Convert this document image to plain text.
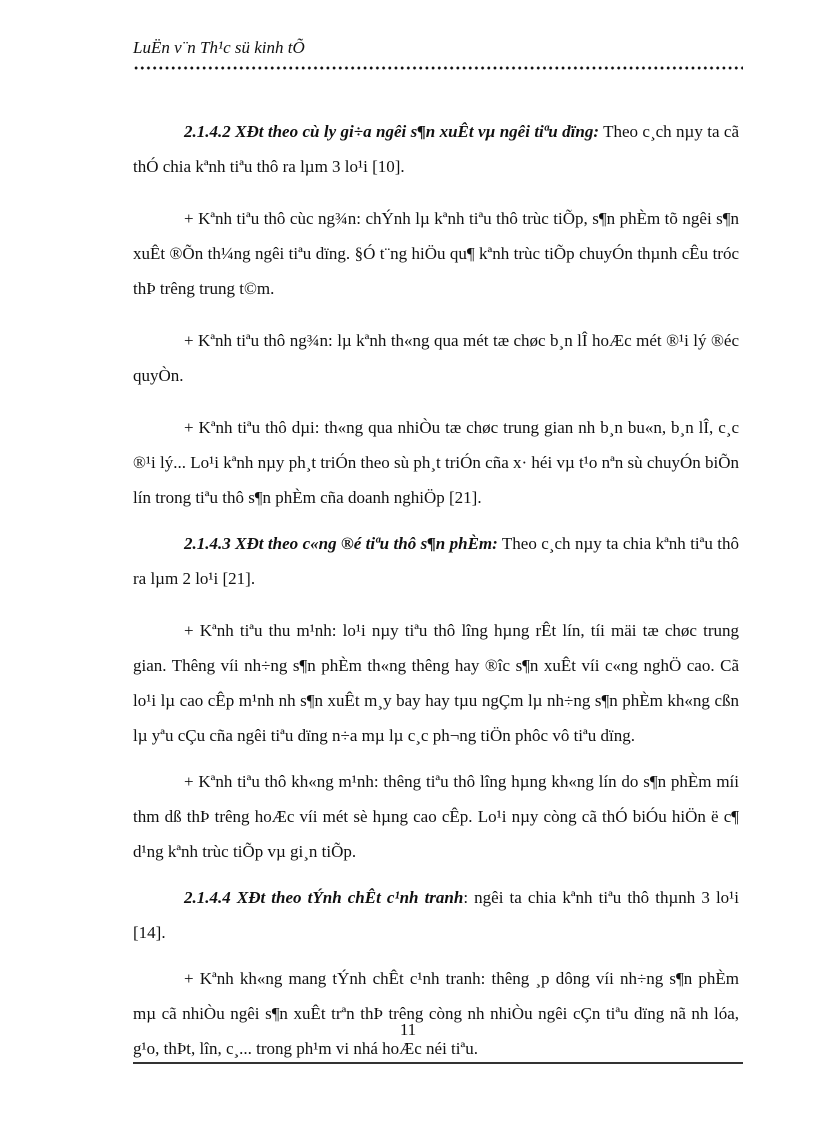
LuËn v¨n Th¹c sü kinh tÕ

2.1.4.2 XÐt theo cù ly gi÷a ngêi s¶n xuÊt vµ ngêi tiªu dïng: Theo c¸ch nµy ta cã thÓ chia kªnh tiªu thô ra lµm 3 lo¹i [10].

+ Kªnh tiªu thô cùc ng¾n: chÝnh lµ kªnh tiªu thô trùc tiÕp, s¶n phÈm tõ ngêi s¶n xuÊt ®Õn th¼ng ngêi tiªu dïng. §Ó t¨ng hiÖu qu¶ kªnh trùc tiÕp chuyÓn thµnh cÊu tróc thÞ trêng trung t©m.

+ Kªnh tiªu thô ng¾n: lµ kªnh th«ng qua mét tæ chøc b¸n lÎ hoÆc mét ®¹i lý ®éc quyÒn.

+ Kªnh tiªu thô dµi: th«ng qua nhiÒu tæ chøc trung gian nh b¸n bu«n, b¸n lÎ, c¸c ®¹i lý... Lo¹i kªnh nµy ph¸t triÓn theo sù ph¸t triÓn cña x· héi vµ t¹o nªn sù chuyÓn biÕn lín trong tiªu thô s¶n phÈm cña doanh nghiÖp [21].

2.1.4.3 XÐt theo c«ng ®é tiªu thô s¶n phÈm: Theo c¸ch nµy ta chia kªnh tiªu thô ra lµm 2 lo¹i [21].

+ Kªnh tiªu thu m¹nh: lo¹i nµy tiªu thô lîng hµng rÊt lín, tíi mäi tæ chøc trung gian. Thêng víi nh÷ng s¶n phÈm th«ng thêng hay ®îc s¶n xuÊt víi c«ng nghÖ cao. Cã lo¹i lµ cao cÊp m¹nh nh s¶n xuÊt m¸y bay hay tµu ngÇm lµ nh÷ng s¶n phÈm kh«ng cßn lµ yªu cÇu cña ngêi tiªu dïng n÷a mµ lµ c¸c ph¬ng tiÖn phôc vô tiªu dïng.

+ Kªnh tiªu thô kh«ng m¹nh: thêng tiªu thô lîng hµng kh«ng lín do s¶n phÈm míi thm dß thÞ trêng hoÆc víi mét sè hµng cao cÊp. Lo¹i nµy còng cã thÓ biÓu hiÖn ë c¶ d¹ng kªnh trùc tiÕp vµ gi¸n tiÕp.

2.1.4.4 XÐt theo tÝnh chÊt c¹nh tranh: ngêi ta chia kªnh tiªu thô thµnh 3 lo¹i [14].

+ Kªnh kh«ng mang tÝnh chÊt c¹nh tranh: thêng ¸p dông víi nh÷ng s¶n phÈm mµ cã nhiÒu ngêi s¶n xuÊt trªn thÞ trêng còng nh nhiÒu ngêi cÇn tiªu dïng nã nh lóa, g¹o, thÞt, lîn, c¸... trong ph¹m vi nhá hoÆc néi tiªu.

11
